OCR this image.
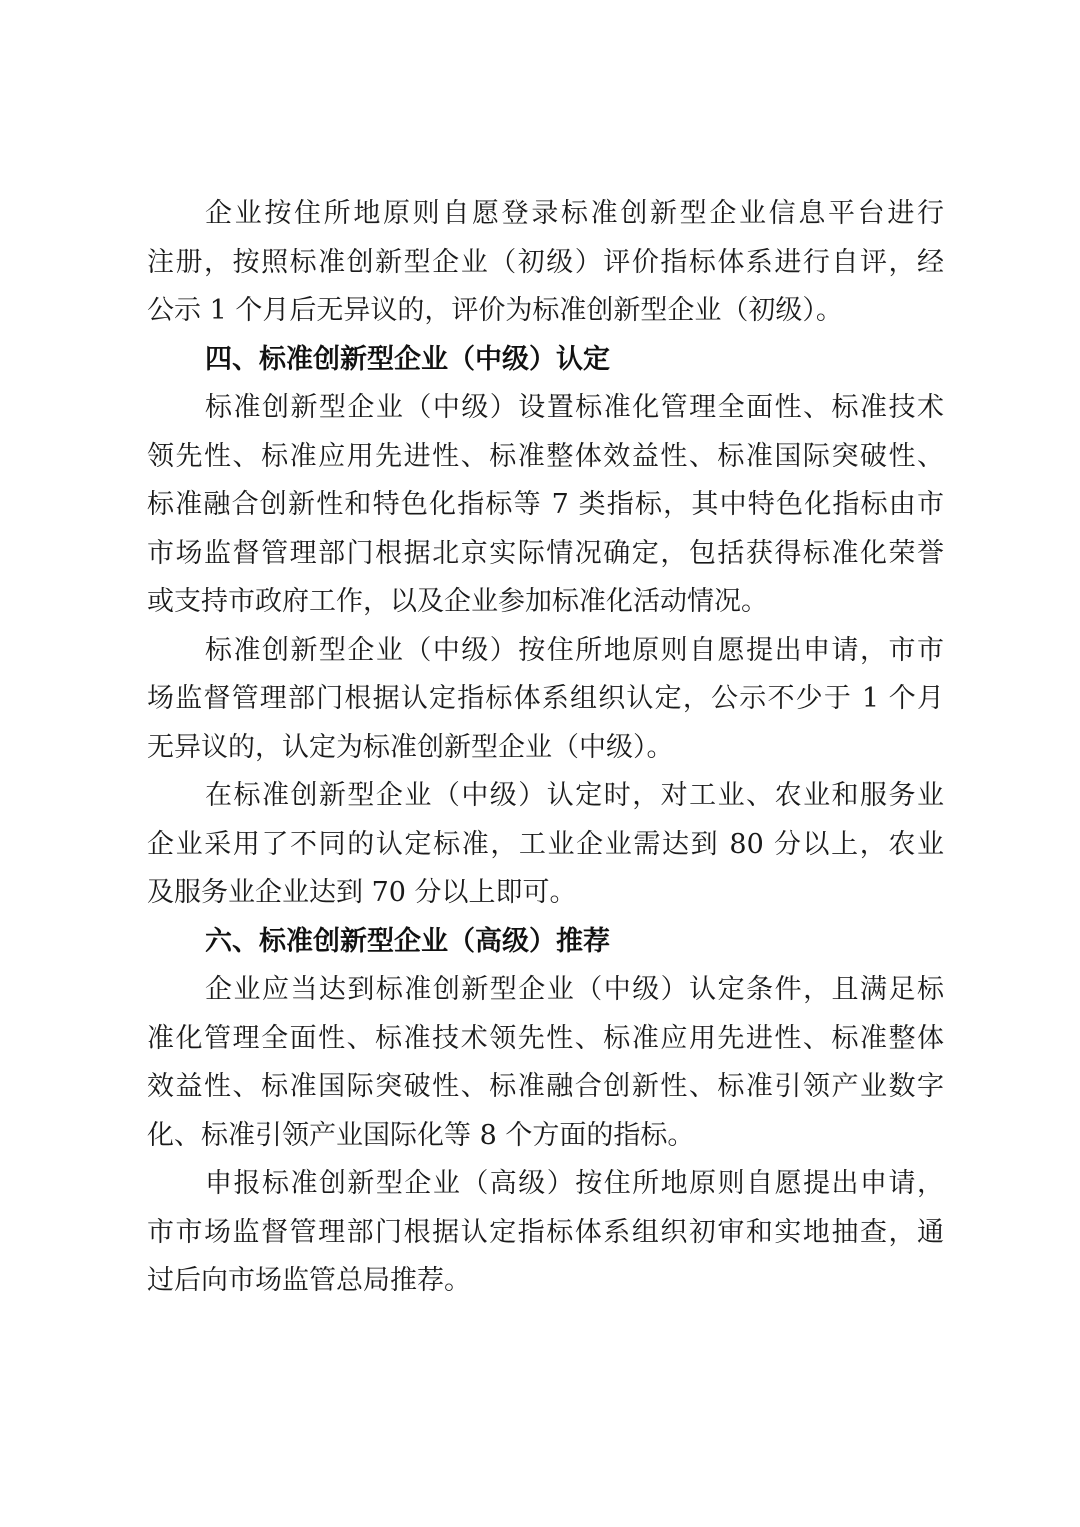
企业按住所地原则自愿登录标准创新型企业信息平台进行
注册，按照标准创新型企业（初级）评价指标体系进行自评，经
公示 1 个月后无异议的，评价为标准创新型企业（初级）。
四、标准创新型企业（中级）认定
标准创新型企业（中级）设置标准化管理全面性、标准技术
领先性、标准应用先进性、标准整体效益性、标准国际突破性、
标准融合创新性和特色化指标等 7 类指标，其中特色化指标由市
市场监督管理部门根据北京实际情况确定，包括获得标准化荣誉
或支持市政府工作，以及企业参加标准化活动情况。
标准创新型企业（中级）按住所地原则自愿提出申请，市市
场监督管理部门根据认定指标体系组织认定，公示不少于 1 个月
无异议的，认定为标准创新型企业（中级）。
在标准创新型企业（中级）认定时，对工业、农业和服务业
企业采用了不同的认定标准，工业企业需达到 80 分以上，农业
及服务业企业达到 70 分以上即可。
六、标准创新型企业（高级）推荐
企业应当达到标准创新型企业（中级）认定条件，且满足标
准化管理全面性、标准技术领先性、标准应用先进性、标准整体
效益性、标准国际突破性、标准融合创新性、标准引领产业数字
化、标准引领产业国际化等 8 个方面的指标。
申报标准创新型企业（高级）按住所地原则自愿提出申请，
市市场监督管理部门根据认定指标体系组织初审和实地抽查，通
过后向市场监管总局推荐。
